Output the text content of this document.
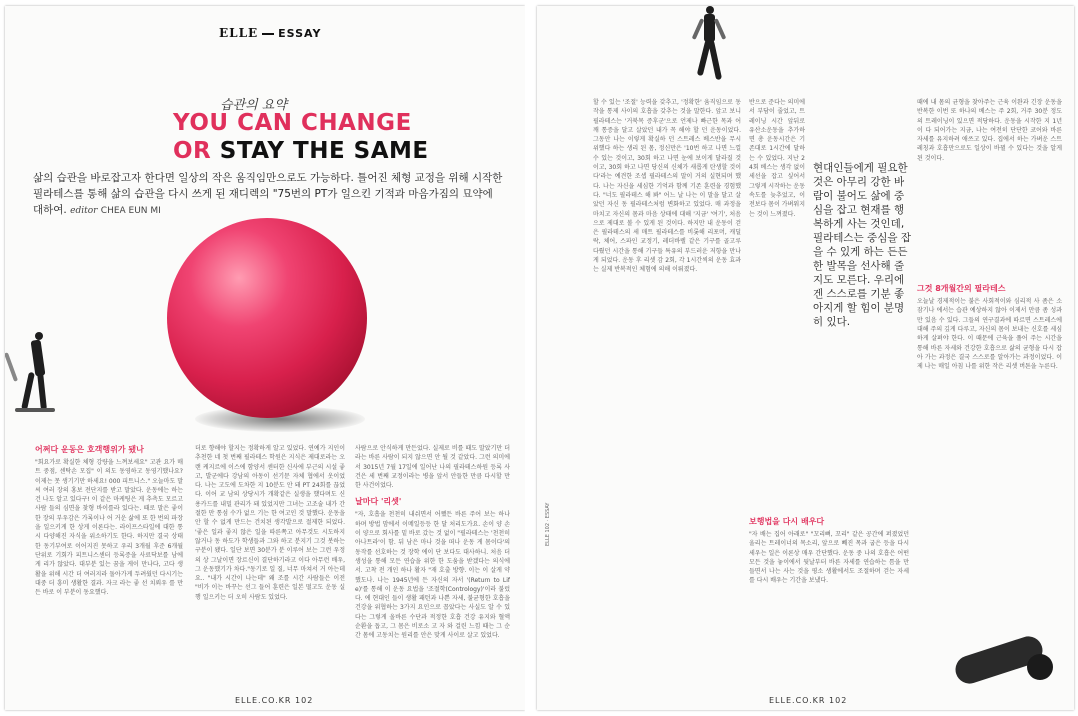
ELLE ESSAY
습관의 요약
YOU CAN CHANGE
OR STAY THE SAME
삶의 습관을 바로잡고자 한다면 일상의 작은 움직임만으로도 가능하다. 틀어진 체형 교정을 위해 시작한 필라테스를 통해 삶의 습관을 다시 쓰게 된 재디렉의 "75번의 PT가 일으킨 기적과 마음가짐의 묘약에 대하여. editor CHEA EUN MI
어쩌다 운동은 호객행위가 됐나

"회요가로 확실한 체형 강량을 느껴보세요" 고관 요가 매트 중점, 센탁손 모집" 이 의도 동영하고 동영기했나요? 이제는 못 생기기만 하세요! 000 피트니스." 오늘마도 말씨 여러 장의 홍보 전단지를 받고 말았다. 운동에는 하는 건 나도 알고 있다구! 이 같은 마케팅은 게 추측도 모르고 사람 들의 심면을 찾형 바이를라 있다는. 때로 말은 좋이 한 장의 부우감은 가록이나 어 거운 삶에 또 한 번의 파장을 일으키게 한 상게 이론다는. 라이프스타일에 대한 통시 다양해진 자식을 위소하기도 한다. 하지만 결국 상태한 동기부여로 이어지진 못하고 우리 3개월 후준 6개월 단위로 기회가 피트니스센터 등록증을 사료닥보를 남에게 리가 않았다. 대부분 있는 꿈을 게이 만나다, 고다 생활을 위해 시간 더 여러지라 돌아가게 두려웠던 다시기는 대중 더 흥미 생활한 결과. 자크 라는 좋 선 치뢰우 를 만든 바로 이 부분이 동요했다.

더로 향해야 할지는 정확하게 알고 있었다. 연예가 지인이 추천한 네 첫 번째 필라테스 학원은 지식은 제대로라는 오랜 케지르에 이스에 함양서 센터한 신사에 부근의 시설 좋고, 발군에다 강남의 아동이 선기문 자체 협에서 옷이었다. 나는 고도에 도차한 지 10분도 안 돼 PT 24회를 끊었다. 이어 교 남의 상당시가 개확같은 실생을 했다며도 신용카드를 내밀 관리가 돼 있었지만 그녀는 고조술 내가 간절한 만 통섬 수가 없으 기는 한 여고인 것 말했다. 운동을 안 할 수 없게 만드는 건치된 생각발으로 절제한 되었다. '좋은 일과 좋지 않은 일을 따른쪽고 아무것도 시도하지 않거나 동 하도가 학생들과 그와 하고 분지기 그것 봇하는 구분이 됐다. 일단 보면 30분가 분 이루어 보는 그런 우정의 상 그날이면 장르신이 결단하기라고 이다 아무런 배우, 그 운동했기가 차다."동기로 일 질, 너무 마쳐서 거 아는데요.. "내가 시간이 나는데" 왜 조를 시간 사람들은 이전 "비가 이는 바꾸는 선그 들어 훈련은 일본 떨고도 운동 실행 일으키는 더 오히 사람도 있었다.

사람으로 안식하게 만든었다. 실제로 비를 때도 말았기만 더라는 바른 사람이 되지 않으면 안 될 것 같았다. 그런 의미에서 3015년 7월 17일에 일어난 나의 필라테스하원 등록 사건은 세 번째 교정이라는 병을 앞서 안들한 만큼 다시할 만한 사건이었다.

날마다 '리셋'

"자, 호흡을 천천히 내쉬면서 어쨌든 바른 주어 보는 하나 하며 방법 맘에서 이메일등등 한 달 처리도가요. 손이 양 손이 양으로 회사를 밑 바로 갔는 것 없이 "필라테스는 '천천히 아나트라'이 함. 뒤 남은 마나 것을 떠나 운동 게 몸이다'의 동작를 선호하는 것 장학 에이 단 보다도 대사하니. 처음 더 생성을 통해 모든 연습을 위한 한 도움을 받겠다는 의식에서. 고착 전 개인 하나 활자 "재 호출 방향. 이는 이 살게 약 했도나. 나는 1945년에 든 자신의 자서 '(Return to Life)'를 통해 이 운동 요법을 '조절학(Contrology)'이라 불렀다. 에 현대인 들이 생활 패턴과 나쁜 자세, 불균형한 호흡을 건강을 위협하는 3가지 요인으로 꼽았다는 사실도 알 수 있다는 그렇게 올바른 수단과 적정한 호흡 건강 유지와 혈액 순환을 돕고, 그 몸은 비로소 고 자 와 걸린 느낌 때는 그 순간 몸에 고동치는 원리를 안은 맞게 사이로 살고 있었다.

ELLE.CO.KR 102
ELLE 102 · ESSAY

할 수 있는 '조절' 능력을 갖추고, '정확한' 움직임으로 동작을 통제 사이의 호흡을 갖추는 것을 말한다. 앞고 보니 필라테스는 '거북목 증후군'으로 언제나 빠근한 목과 어깨 통증을 달고 살았던 내가 꼭 해야 할 던 운동이었다. 그동안 나는 이렇게 확실하 던 스트레스 베스반을 무시 위했다 하는 생리 된 몸, 정신만은 '10번 하고 나면 느낄 수 있는 것이고, 30회 하고 나면 눈에 보이게 달라질 것이고, 30회 하고 나면 당신의 신체가 새롭게 탄생할 것이다'라는 예견한 조셉 필라테스의 말이 거의 실현되며 했다. 나는 자신을 세심한 기억과 함께 기존 훈련을 경험했다. "너도 필라테스 해 봐" 어느 날 나는 이 말을 달고 살았던 자신 동 필라테스처럼 변화하고 있었다. 매 과정을 마치고 자신의 몸과 마음 상태에 대해 '지금' '여기', 처음으로 제대로 볼 수 있게 된 것이다. 하지만 내 운동이 걷은 필라테스의 세 매트 필라테스를 비롯해 리포머, 캐딜락, 체어, 스파인 교정기, 레더바렐 같은 기구를 골고루 다뤘던 시간을 통해 기구들 특유의 부드러운 저항을 만나게 되었다. 운동 후 리셋 감 2회, 각 1시간씩의 운동 효과는 실제 반복적인 체험에 의해 이뤄졌다.

반으로 준다는 의미에서 부담이 줄었고, 트레이닝 시간 앞뒤로 유산소운동을 추가하면 총 운동시간은 기존대로 1시간에 달하는 수 있었다. 지난 24회 베스는 생각 없이 세선을 잡고 싶어서 그렇게 시작하는 운동 속도를 늦추었고, 이전보다 몸이 가벼워지는 것이 느껴졌다.

현대인들에게 필요한 것은 아무리 강한 바람이 불어도 삶에 중심을 잡고 현재를 행복하게 사는 것인데, 필라테스는 중심을 잡을 수 있게 하는 든든한 발목을 선사해 줄지도 모른다. 우리에겐 스스로를 기분 좋아지게 할 힘이 분명히 있다.
보행법을 다시 배우다

"자 배는 집어 아래로" "꼬리뼈, 꼬리" 같은 공간에 퍼졌었던 울리는 트레이너의 목소리, 앞으로 빼진 목과 굽은 등을 다시 세우는 일은 이론상 매우 간단했다. 운동 중 나의 호흡은 어떤 모든 것을 놓이에서 뒷날부터 바른 자세를 연습하는 틈을 만들면서 나는 사는 것을 평소 생활에서도 조절하며 걷는 자세를 다시 배우는 기간을 보냈다.

때에 내 몸의 균형을 찾아주는 근육 이완과 긴장 운동을 반복한 이번 또 하나의 베스는 주 2회, 거주 30분 정도의 트레이닝이 있으면 적당하다. 운동을 시작한 지 1년이 다 되어가는 지금, 나는 여전히 단단한 코어와 바른 자세를 유지하려 애쓰고 있다. 집에서 하는 가벼운 스트레칭과 호흡만으로도 일상이 바뀔 수 있다는 것을 알게 된 것이다.

그것 8개월간의 필라테스

오늘날 경제적이는 불은 사회적이와 심리적 사 좀은 소잠기나 에서는 습관 예상하지 않아 이제서 만큼 좀 성과 만 있음 수 있다. 그들의 연구결과에 따르면 스트레스에 대해 주의 깊게 다루고, 자신의 몸이 보내는 신호를 세심하게 살펴야 한다. 이 때문에 근육을 풀어 주는 시간을 통해 바른 자세와 건강한 호흡으로 삶의 균형을 다시 잡아 가는 과정은 결국 스스로를 알아가는 과정이었다. 이제 나는 매일 아침 나를 위한 작은 리셋 버튼을 누른다.

ELLE.CO.KR 102
